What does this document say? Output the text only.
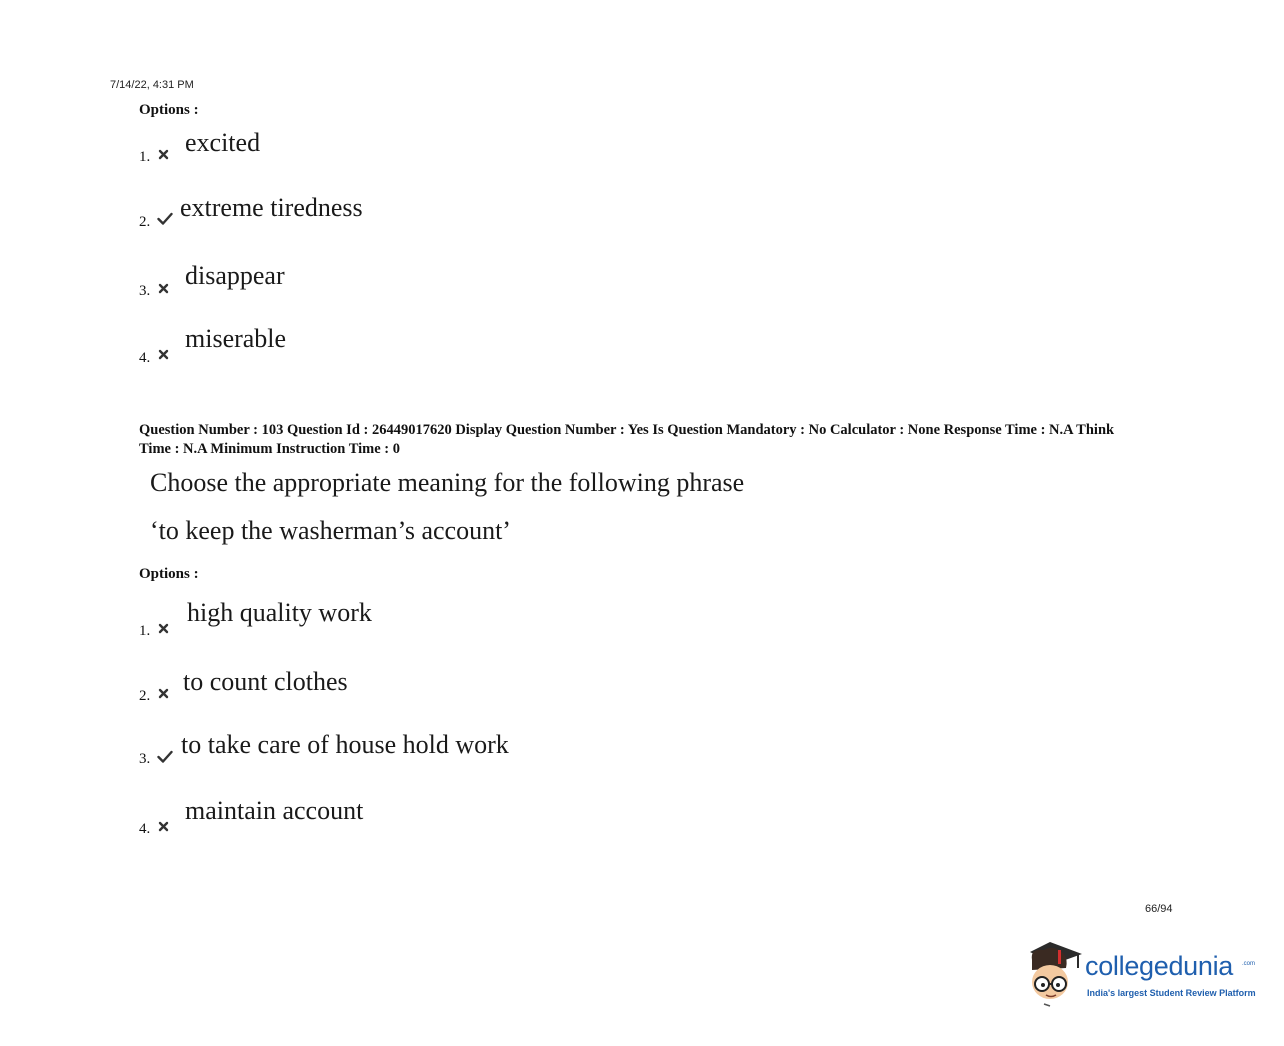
7/14/22, 4:31 PM
Options :
1. excited
2. extreme tiredness
3.
disappear
4.
miserable
Question Number : 103 Question Id : 26449017620 Display Question Number : Yes Is Question Mandatory : No Calculator : None Response Time : N.A Think Time : N.A Minimum Instruction Time : 0
Choose the appropriate meaning for the following phrase
‘to keep the washerman’s account’
Options :
1.
high quality work
2. to count clothes
3. to take care of house hold work
4.
maintain account
66/94
collegedunia .com
India's largest Student Review Platform
